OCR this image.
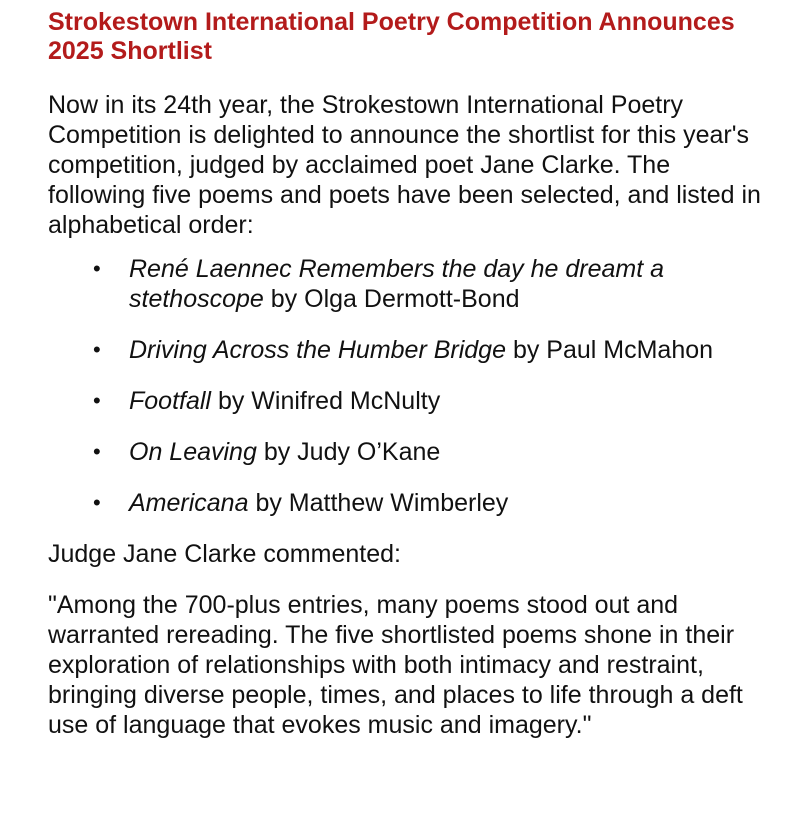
Strokestown International Poetry Competition Announces 2025 Shortlist

Now in its 24th year, the Strokestown International Poetry Competition is delighted to announce the shortlist for this year's competition, judged by acclaimed poet Jane Clarke. The following five poems and poets have been selected, and listed in alphabetical order:

• René Laennec Remembers the day he dreamt a stethoscope by Olga Dermott-Bond
• Driving Across the Humber Bridge by Paul McMahon
• Footfall by Winifred McNulty
• On Leaving by Judy O’Kane
• Americana by Matthew Wimberley

Judge Jane Clarke commented:

"Among the 700-plus entries, many poems stood out and warranted rereading. The five shortlisted poems shone in their exploration of relationships with both intimacy and restraint, bringing diverse people, times, and places to life through a deft use of language that evokes music and imagery."
